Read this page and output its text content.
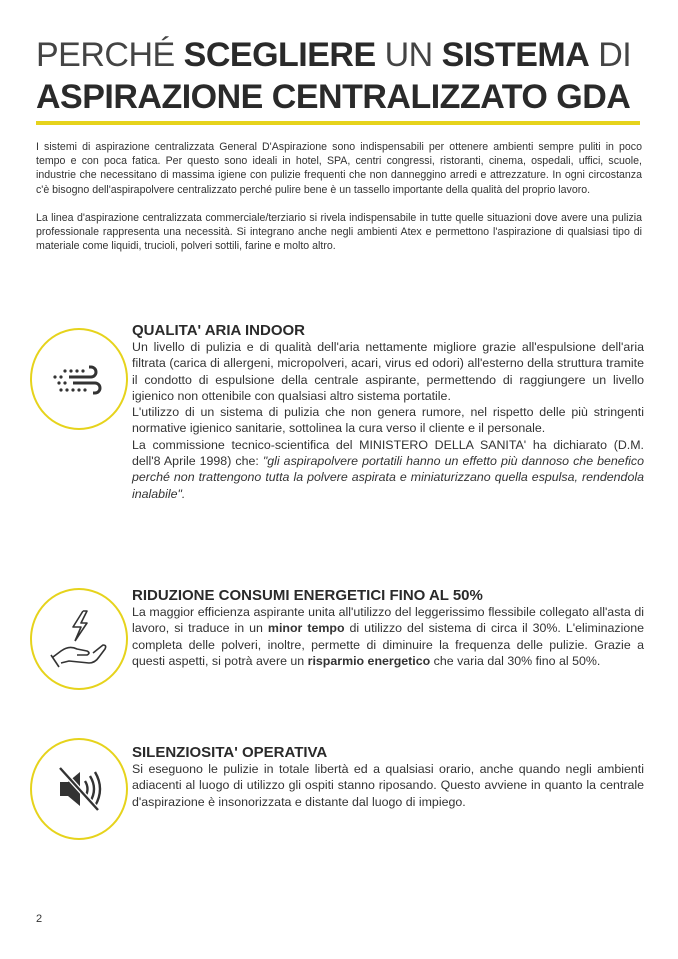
PERCHÉ SCEGLIERE UN SISTEMA DI
ASPIRAZIONE CENTRALIZZATO GDA

I sistemi di aspirazione centralizzata General D'Aspirazione sono indispensabili per ottenere ambienti sempre puliti in poco tempo e con poca fatica. Per questo sono ideali in hotel, SPA, centri congressi, ristoranti, cinema, ospedali, uffici, scuole, industrie che necessitano di massima igiene con pulizie frequenti che non danneggino arredi e attrezzature. In ogni circostanza c'è bisogno dell'aspirapolvere centralizzato perché pulire bene è un tassello importante della qualità del proprio lavoro.

La linea d'aspirazione centralizzata commerciale/terziario si rivela indispensabile in tutte quelle situazioni dove avere una pulizia professionale rappresenta una necessità. Si integrano anche negli ambienti Atex e permettono l'aspirazione di qualsiasi tipo di materiale come liquidi, trucioli, polveri sottili, farine e molto altro.

QUALITA' ARIA INDOOR

Un livello di pulizia e di qualità dell'aria nettamente migliore grazie all'espulsione dell'aria filtrata (carica di allergeni, micropolveri, acari, virus ed odori) all'esterno della struttura tramite il condotto di espulsione della centrale aspirante, permettendo di raggiungere un livello igienico non ottenibile con qualsiasi altro sistema portatile.

L'utilizzo di un sistema di pulizia che non genera rumore, nel rispetto delle più stringenti normative igienico sanitarie, sottolinea la cura verso il cliente e il personale.

La commissione tecnico-scientifica del MINISTERO DELLA SANITA' ha dichiarato (D.M. dell'8 Aprile 1998) che: "gli aspirapolvere portatili hanno un effetto più dannoso che benefico perché non trattengono tutta la polvere aspirata e miniaturizzano quella espulsa, rendendola inalabile".

RIDUZIONE CONSUMI ENERGETICI FINO AL 50%

La maggior efficienza aspirante unita all'utilizzo del leggerissimo flessibile collegato all'asta di lavoro, si traduce in un minor tempo di utilizzo del sistema di circa il 30%. L'eliminazione completa delle polveri, inoltre, permette di diminuire la frequenza delle pulizie. Grazie a questi aspetti, si potrà avere un risparmio energetico che varia dal 30% fino al 50%.

SILENZIOSITA' OPERATIVA

Si eseguono le pulizie in totale libertà ed a qualsiasi orario, anche quando negli ambienti adiacenti al luogo di utilizzo gli ospiti stanno riposando. Questo avviene in quanto la centrale d'aspirazione è insonorizzata e distante dal luogo di impiego.

2
